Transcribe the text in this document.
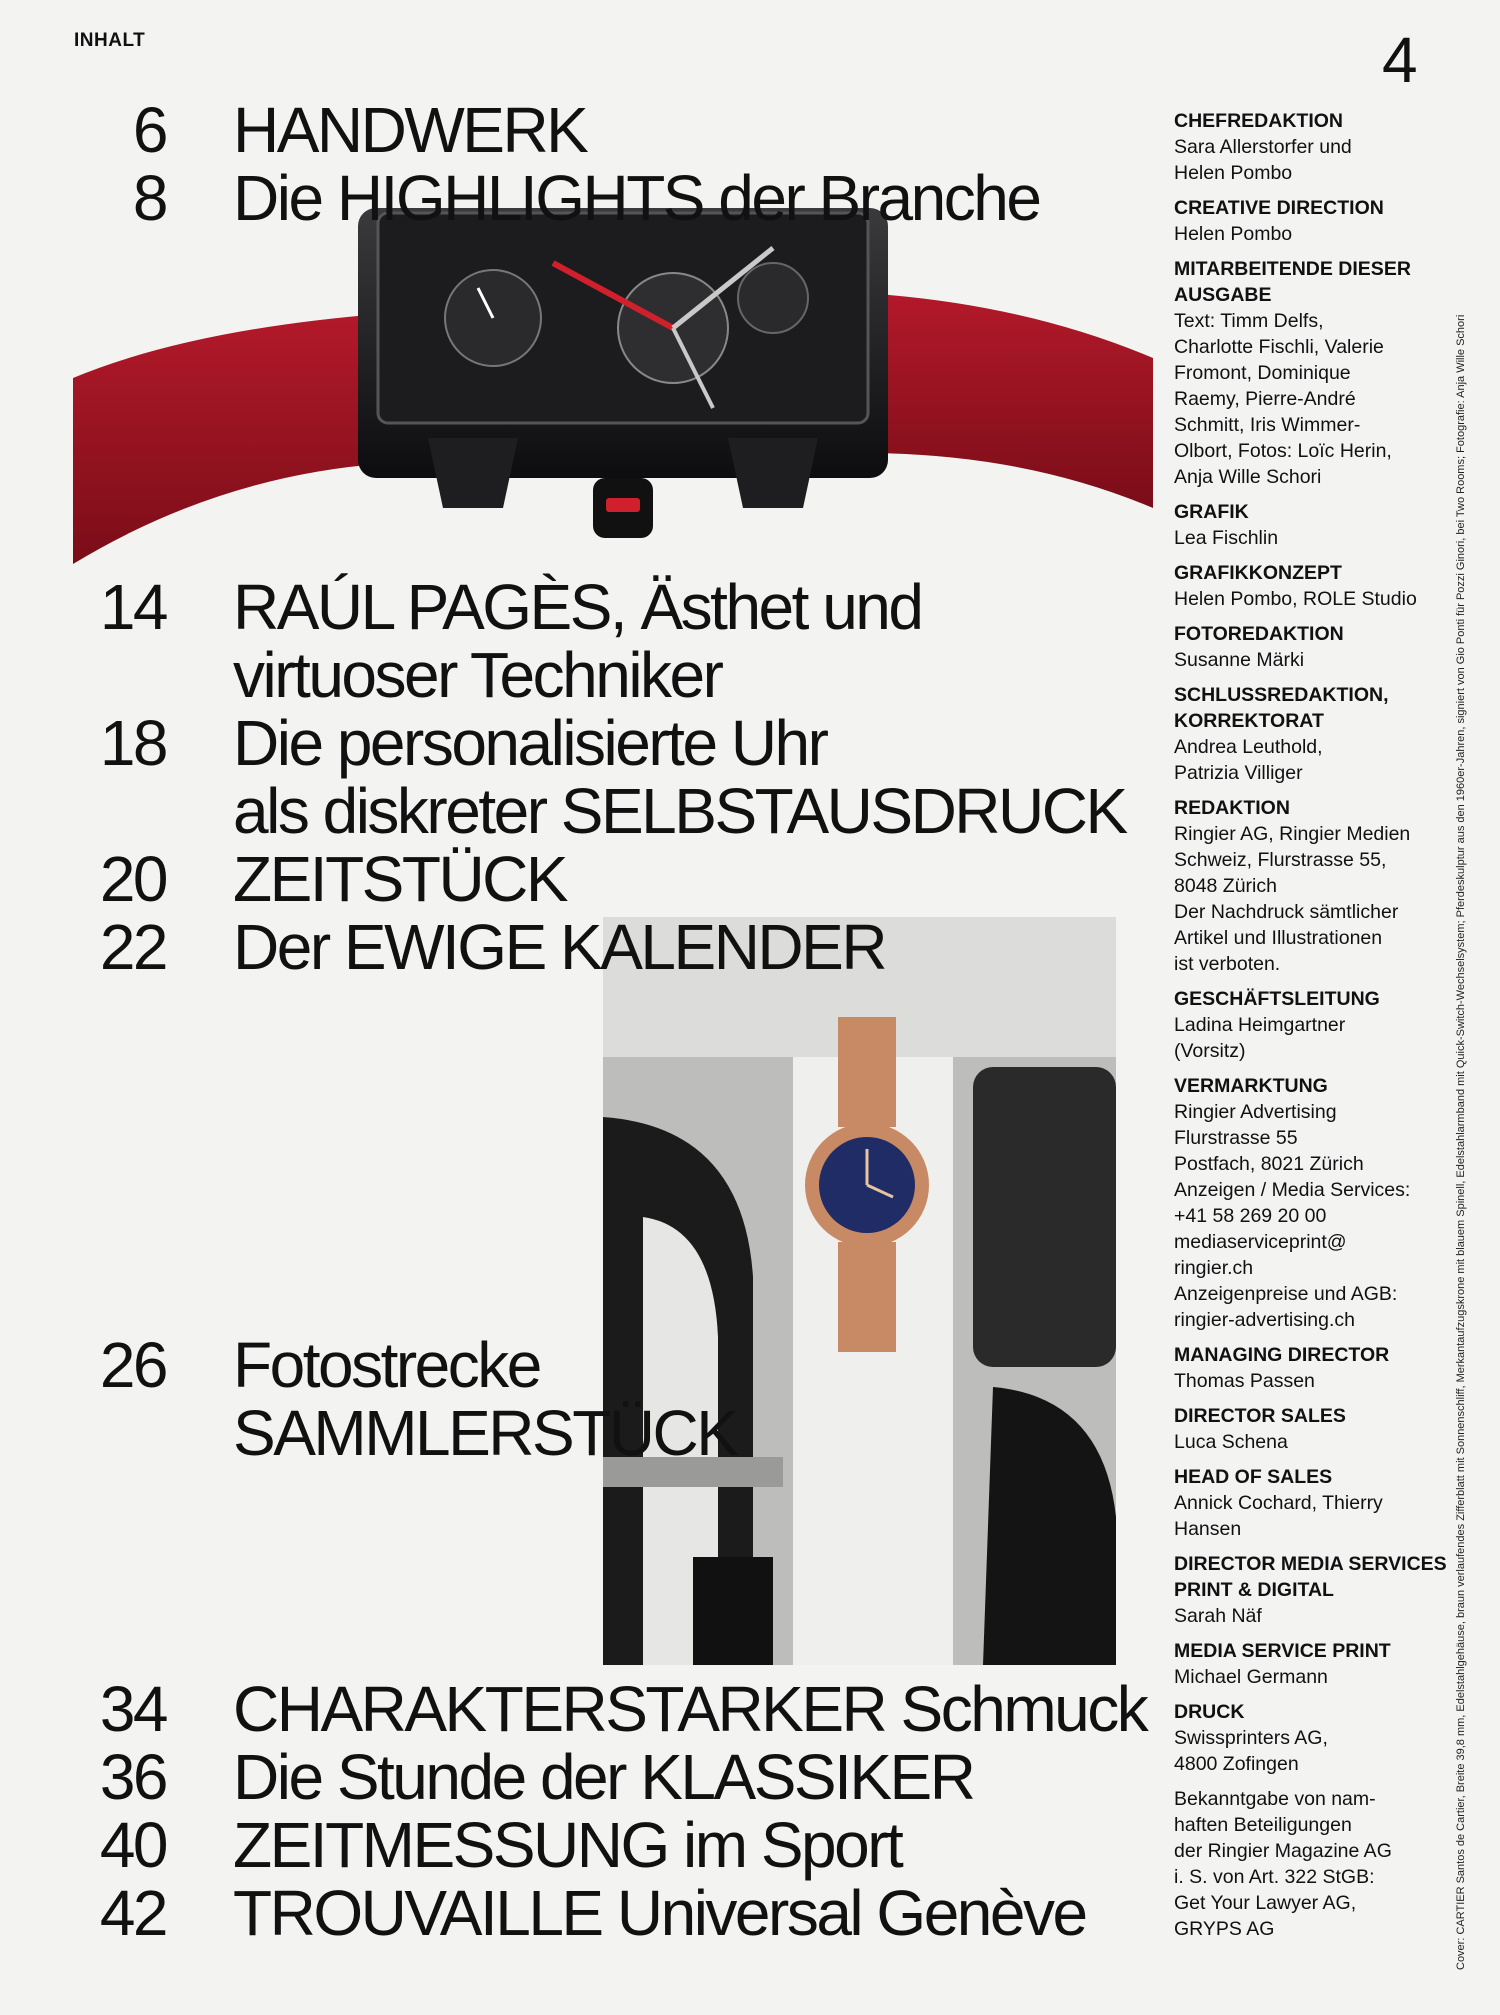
INHALT	4
6 HANDWERK
8 Die HIGHLIGHTS der Branche
14 RAÚL PAGÈS, Ästhet und
virtuoser Techniker
18 Die personalisierte Uhr
als diskreter SELBSTAUSDRUCK
20 ZEITSTÜCK
22 Der EWIGE KALENDER
26 Fotostrecke
SAMMLERSTÜCK
34 CHARAKTERSTARKER Schmuck
36 Die Stunde der KLASSIKER
40 ZEITMESSUNG im Sport
42 TROUVAILLE Universal Genève
CHEFREDAKTION
Sara Allerstorfer und
Helen Pombo
CREATIVE DIRECTION
Helen Pombo
MITARBEITENDE DIESER AUSGABE
Text: Timm Delfs,
Charlotte Fischli, Valerie
Fromont, Dominique
Raemy, Pierre-André
Schmitt, Iris Wimmer-
Olbort, Fotos: Loïc Herin,
Anja Wille Schori
GRAFIK
Lea Fischlin
GRAFIKKONZEPT
Helen Pombo, ROLE Studio
FOTOREDAKTION
Susanne Märki
SCHLUSSREDAKTION, KORREKTORAT
Andrea Leuthold,
Patrizia Villiger
REDAKTION
Ringier AG, Ringier Medien
Schweiz, Flurstrasse 55,
8048 Zürich
Der Nachdruck sämtlicher
Artikel und Illustrationen
ist verboten.
GESCHÄFTSLEITUNG
Ladina Heimgartner
(Vorsitz)
VERMARKTUNG
Ringier Advertising
Flurstrasse 55
Postfach, 8021 Zürich
Anzeigen / Media Services:
+41 58 269 20 00
mediaserviceprint@
ringier.ch
Anzeigenpreise und AGB:
ringier-advertising.ch
MANAGING DIRECTOR
Thomas Passen
DIRECTOR SALES
Luca Schena
HEAD OF SALES
Annick Cochard, Thierry
Hansen
DIRECTOR MEDIA SERVICES PRINT & DIGITAL
Sarah Näf
MEDIA SERVICE PRINT
Michael Germann
DRUCK
Swissprinters AG,
4800 Zofingen
Bekanntgabe von nam-
haften Beteiligungen
der Ringier Magazine AG
i. S. von Art. 322 StGB:
Get Your Lawyer AG,
GRYPS AG	Cover: CARTIER Santos de Cartier, Breite 39,8 mm, Edelstahlgehäuse, braun verlaufendes Zifferblatt mit Sonnenschliff, Merkantaufzugskrone mit blauem Spinell, Edelstahlarmband mit Quick-Switch-Wechselsystem; Pferdeskulptur aus den 1960er-Jahren, signiert von Gio Ponti für Pozzi Ginori, bei Two Rooms; Fotografie: Anja Wille Schori
